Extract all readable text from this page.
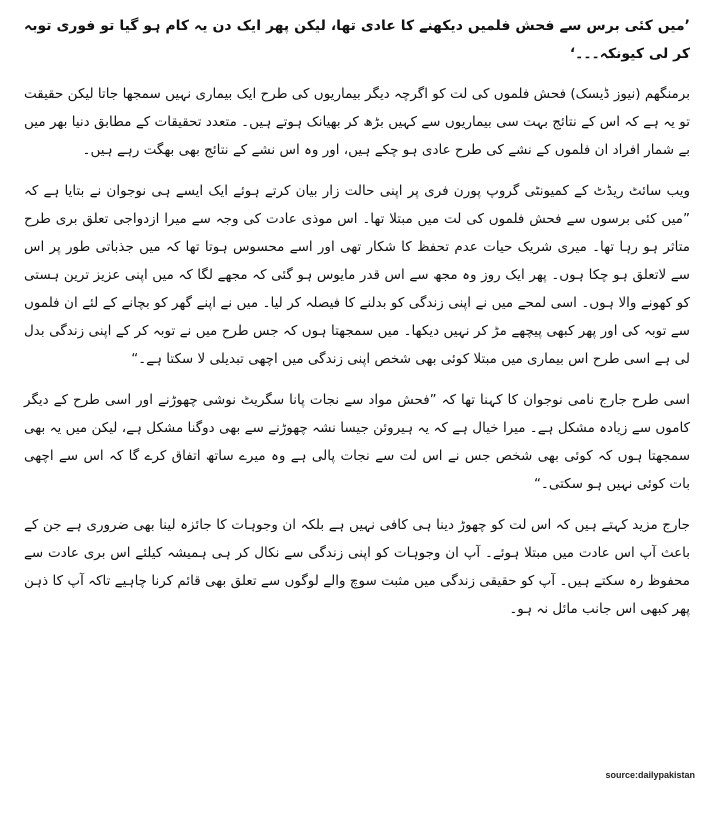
’میں کئی برس سے فحش فلمیں دیکھنے کا عادی تھا، لیکن پھر ایک دن یہ کام ہو گیا تو فوری توبہ کر لی کیونکہ۔۔۔‘

برمنگھم (نیوز ڈیسک) فحش فلموں کی لت کو اگرچہ دیگر بیماریوں کی طرح ایک بیماری نہیں سمجھا جاتا لیکن حقیقت تو یہ ہے کہ اس کے نتائج بہت سی بیماریوں سے کہیں بڑھ کر بھیانک ہوتے ہیں۔ متعدد تحقیقات کے مطابق دنیا بھر میں بے شمار افراد ان فلموں کے نشے کی طرح عادی ہو چکے ہیں، اور وہ اس نشے کے نتائج بھی بھگت رہے ہیں۔

ویب سائٹ ریڈٹ کے کمیونٹی گروپ پورن فری پر اپنی حالت زار بیان کرتے ہوئے ایک ایسے ہی نوجوان نے بتایا ہے کہ ”میں کئی برسوں سے فحش فلموں کی لت میں مبتلا تھا۔ اس موذی عادت کی وجہ سے میرا ازدواجی تعلق بری طرح متاثر ہو رہا تھا۔ میری شریک حیات عدم تحفظ کا شکار تھی اور اسے محسوس ہوتا تھا کہ میں جذباتی طور پر اس سے لاتعلق ہو چکا ہوں۔ پھر ایک روز وہ مجھ سے اس قدر مایوس ہو گئی کہ مجھے لگا کہ میں اپنی عزیز ترین ہستی کو کھونے والا ہوں۔ اسی لمحے میں نے اپنی زندگی کو بدلنے کا فیصلہ کر لیا۔ میں نے اپنے گھر کو بچانے کے لئے ان فلموں سے توبہ کی اور پھر کبھی پیچھے مڑ کر نہیں دیکھا۔ میں سمجھتا ہوں کہ جس طرح میں نے توبہ کر کے اپنی زندگی بدل لی ہے اسی طرح اس بیماری میں مبتلا کوئی بھی شخص اپنی زندگی میں اچھی تبدیلی لا سکتا ہے۔“

اسی طرح جارج نامی نوجوان کا کہنا تھا کہ ”فحش مواد سے نجات پانا سگریٹ نوشی چھوڑنے اور اسی طرح کے دیگر کاموں سے زیادہ مشکل ہے۔ میرا خیال ہے کہ یہ ہیروئن جیسا نشہ چھوڑنے سے بھی دوگنا مشکل ہے، لیکن میں یہ بھی سمجھتا ہوں کہ کوئی بھی شخص جس نے اس لت سے نجات پالی ہے وہ میرے ساتھ اتفاق کرے گا کہ اس سے اچھی بات کوئی نہیں ہو سکتی۔“

جارج مزید کہتے ہیں کہ اس لت کو چھوڑ دینا ہی کافی نہیں ہے بلکہ ان وجوہات کا جائزہ لینا بھی ضروری ہے جن کے باعث آپ اس عادت میں مبتلا ہوئے۔ آپ ان وجوہات کو اپنی زندگی سے نکال کر ہی ہمیشہ کیلئے اس بری عادت سے محفوظ رہ سکتے ہیں۔ آپ کو حقیقی زندگی میں مثبت سوچ والے لوگوں سے تعلق بھی قائم کرنا چاہیے تاکہ آپ کا ذہن پھر کبھی اس جانب مائل نہ ہو۔

source:dailypakistan
